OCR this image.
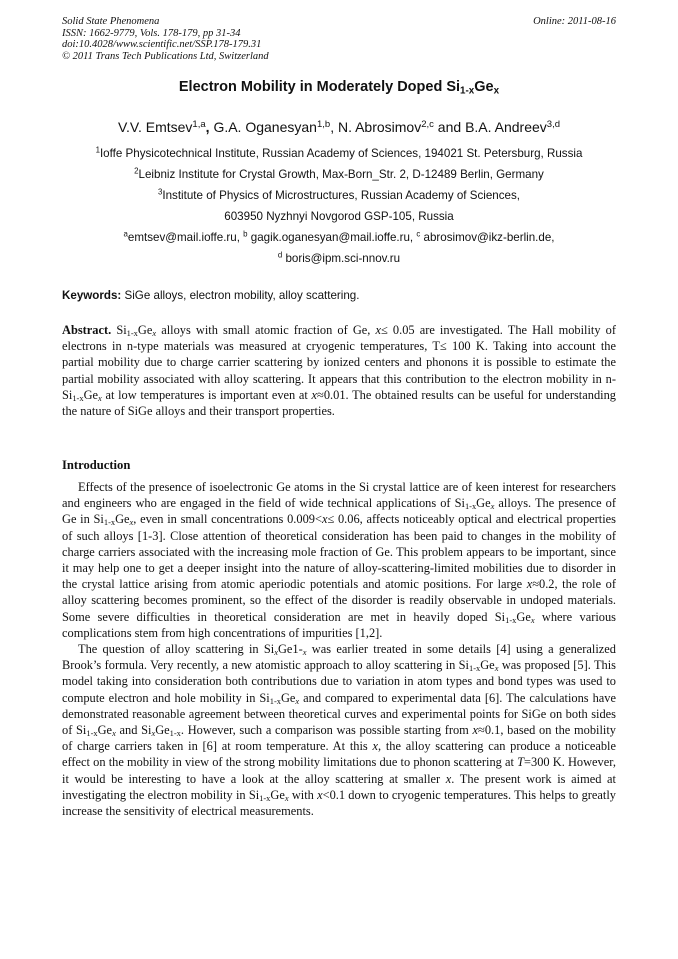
Solid State Phenomena
ISSN: 1662-9779, Vols. 178-179, pp 31-34
doi:10.4028/www.scientific.net/SSP.178-179.31
© 2011 Trans Tech Publications Ltd, Switzerland
Online: 2011-08-16
Electron Mobility in Moderately Doped $Si_{1-x}Ge_x$
V.V. Emtsev$^{1,a}$, G.A. Oganesyan$^{1,b}$, N. Abrosimov$^{2,c}$ and B.A. Andreev$^{3,d}$
$^1$Ioffe Physicotechnical Institute, Russian Academy of Sciences, 194021 St. Petersburg, Russia
$^2$Leibniz Institute for Crystal Growth, Max-Born_Str. 2, D-12489 Berlin, Germany
$^3$Institute of Physics of Microstructures, Russian Academy of Sciences,
603950 Nyzhnyi Novgorod GSP-105, Russia
$^a$emtsev@mail.ioffe.ru, $^b$ gagik.oganesyan@mail.ioffe.ru, $^c$ abrosimov@ikz-berlin.de,
$^d$ boris@ipm.sci-nnov.ru
Keywords: SiGe alloys, electron mobility, alloy scattering.
Abstract. $Si_{1-x}Ge_x$ alloys with small atomic fraction of Ge, x≤ 0.05 are investigated. The Hall mobility of electrons in n-type materials was measured at cryogenic temperatures, T≤ 100 K. Taking into account the partial mobility due to charge carrier scattering by ionized centers and phonons it is possible to estimate the partial mobility associated with alloy scattering. It appears that this contribution to the electron mobility in $n-Si_{1-x}Ge_x$ at low temperatures is important even at x≈0.01. The obtained results can be useful for understanding the nature of SiGe alloys and their transport properties.
Introduction

Effects of the presence of isoelectronic Ge atoms in the Si crystal lattice are of keen interest for researchers and engineers who are engaged in the field of wide technical applications of $Si_{1-x}Ge_x$ alloys. The presence of Ge in $Si_{1-x}Ge_x$, even in small concentrations 0.009<x≤ 0.06, affects noticeably optical and electrical properties of such alloys [1-3]. Close attention of theoretical consideration has been paid to changes in the mobility of charge carriers associated with the increasing mole fraction of Ge. This problem appears to be important, since it may help one to get a deeper insight into the nature of alloy-scattering-limited mobilities due to disorder in the crystal lattice arising from atomic aperiodic potentials and atomic positions. For large x≈0.2, the role of alloy scattering becomes prominent, so the effect of the disorder is readily observable in undoped materials. Some severe difficulties in theoretical consideration are met in heavily doped $Si_{1-x}Ge_x$ where various complications stem from high concentrations of impurities [1,2].

The question of alloy scattering in $Si_xGe1-_x$ was earlier treated in some details [4] using a generalized Brook’s formula. Very recently, a new atomistic approach to alloy scattering in $Si_{1-x}Ge_x$ was proposed [5]. This model taking into consideration both contributions due to variation in atom types and bond types was used to compute electron and hole mobility in $Si_{1-x}Ge_x$ and compared to experimental data [6]. The calculations have demonstrated reasonable agreement between theoretical curves and experimental points for SiGe on both sides of $Si_{1-x}Ge_x$ and $Si_xGe_{1-x}$. However, such a comparison was possible starting from x≈0.1, based on the mobility of charge carriers taken in [6] at room temperature. At this x, the alloy scattering can produce a noticeable effect on the mobility in view of the strong mobility limitations due to phonon scattering at T=300 K. However, it would be interesting to have a look at the alloy scattering at smaller x. The present work is aimed at investigating the electron mobility in $Si_{1-x}Ge_x$ with x<0.1 down to cryogenic temperatures. This helps to greatly increase the sensitivity of electrical measurements.
